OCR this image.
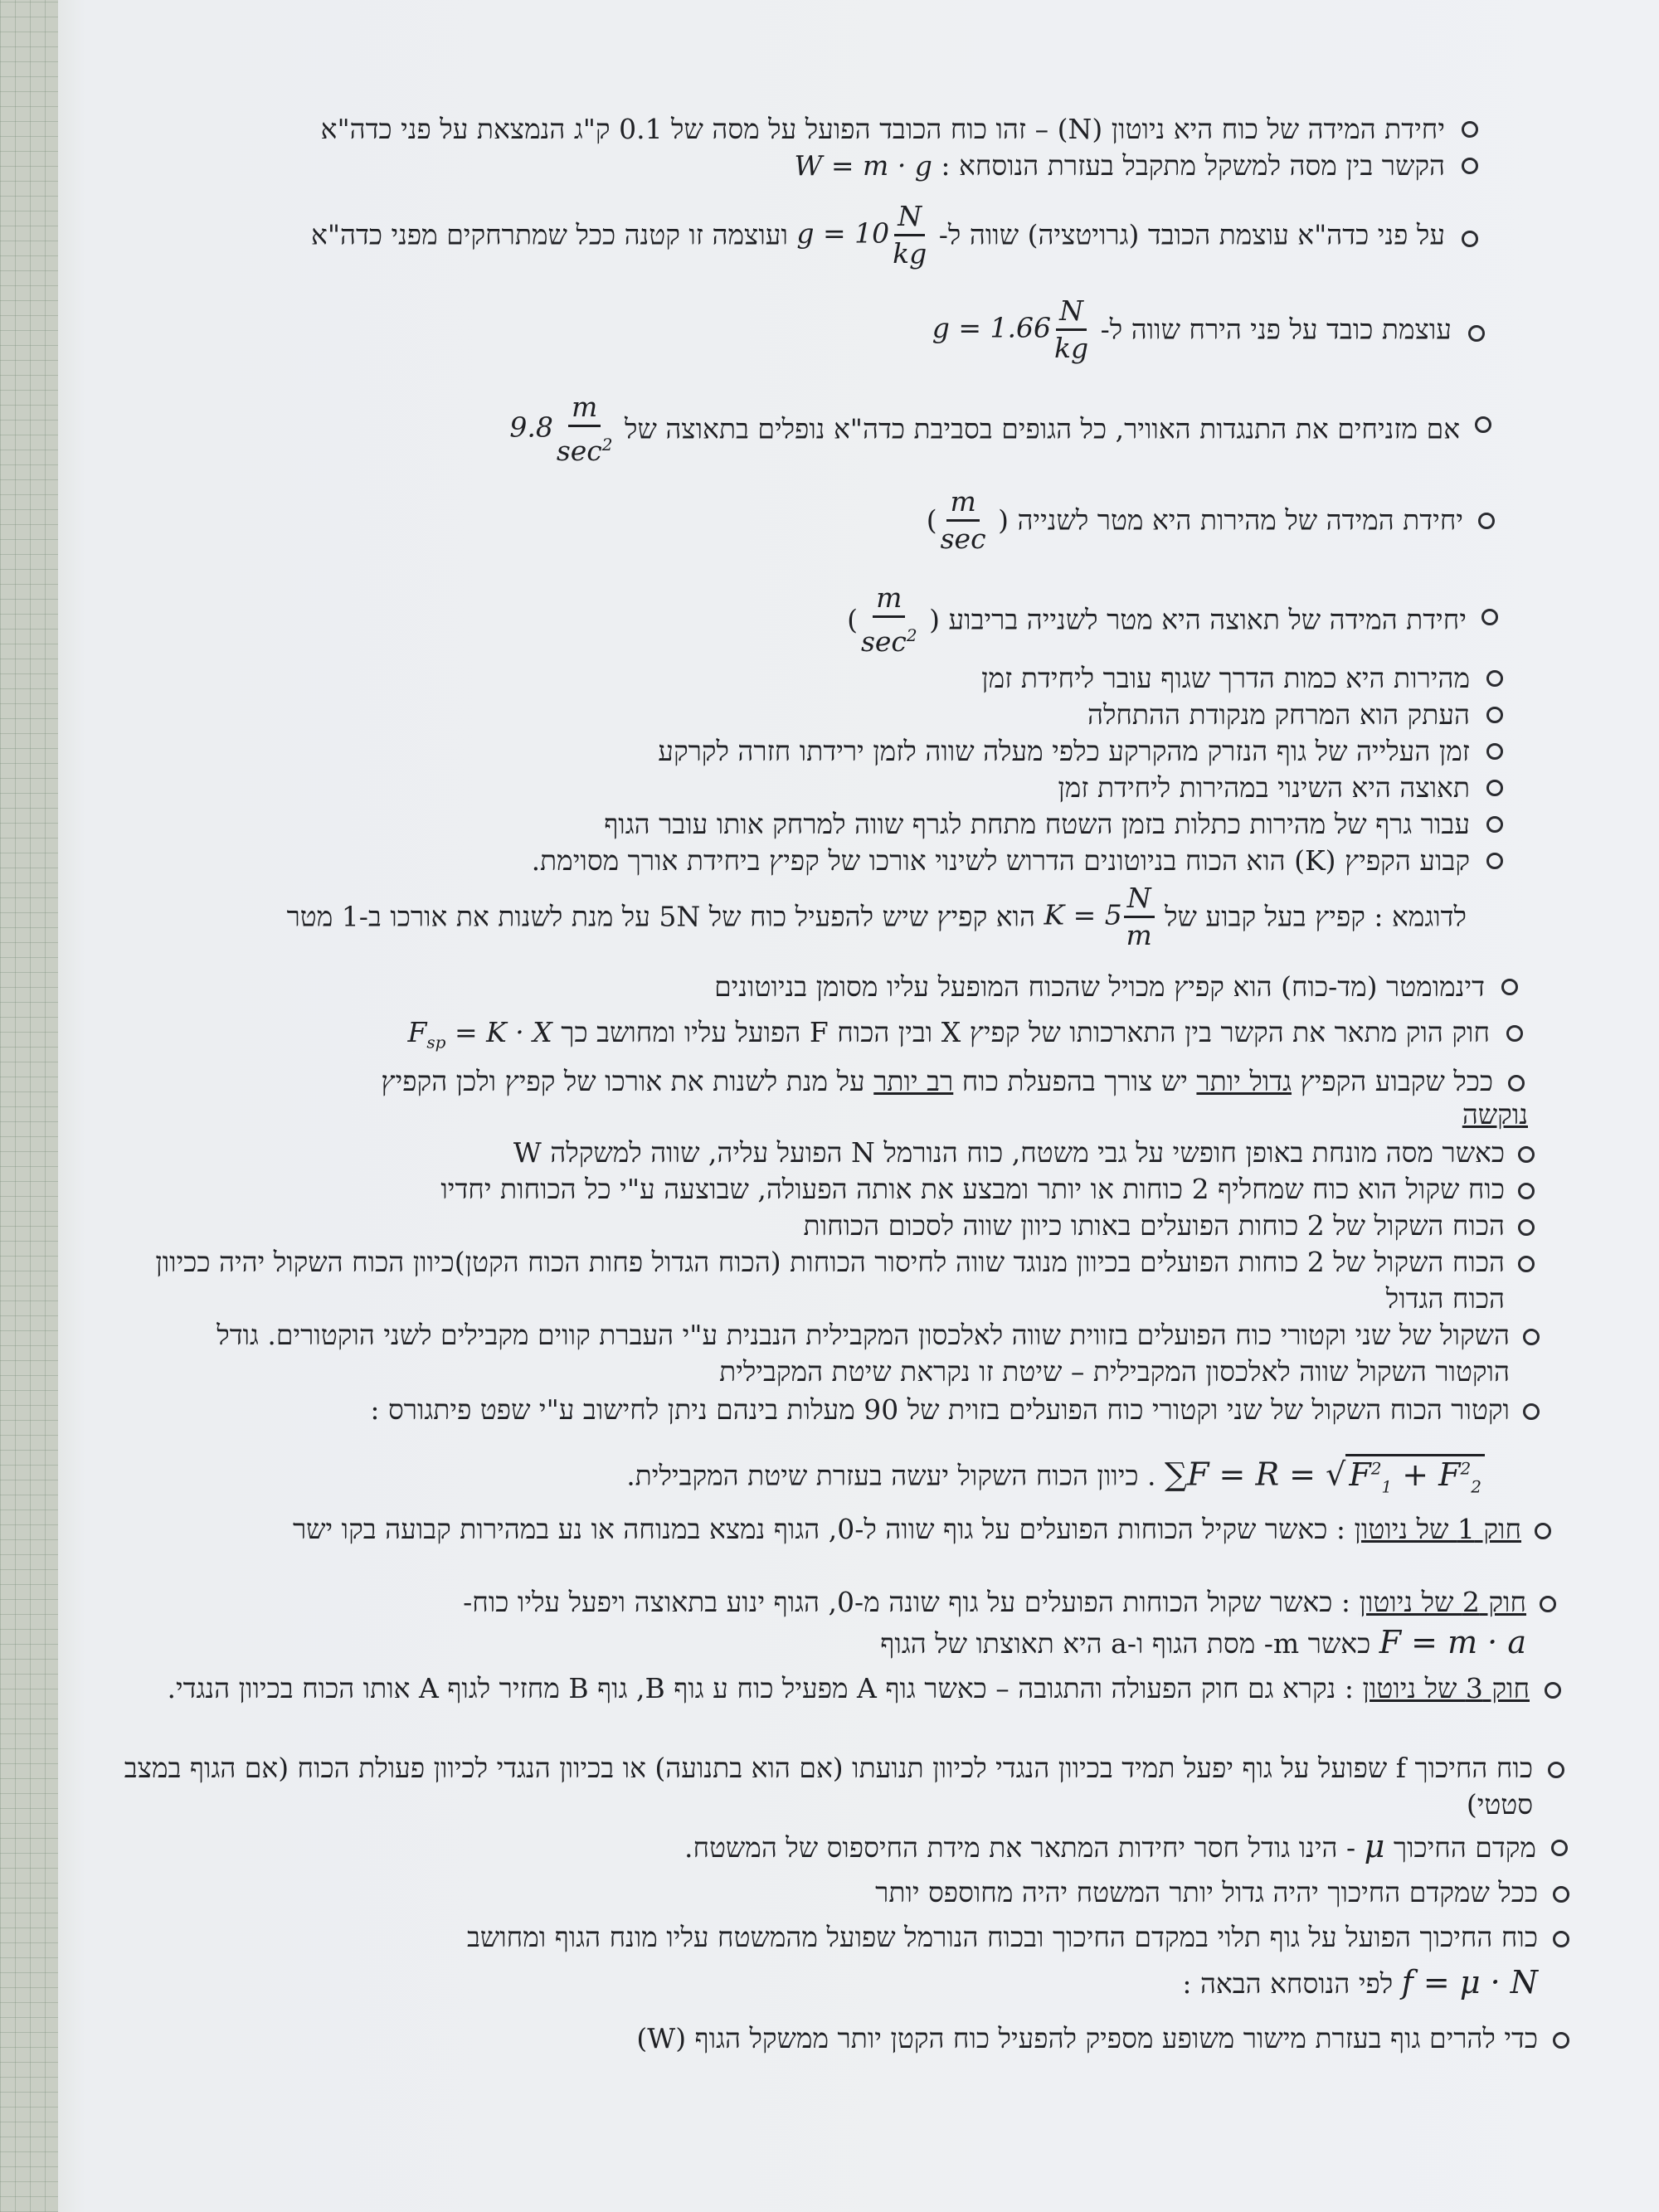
יחידת המידה של כוח היא ניוטון (N) – זהו כוח הכובד הפועל על מסה של 0.1 ק"ג הנמצאת על פני כדה"א
הקשר בין מסה למשקל מתקבל בעזרת הנוסחא : W = m · g
על פני כדה"א עוצמת הכובד (גרויטציה) שווה ל- $g = 10 \frac{N}{kg}$
ועוצמה זו קטנה ככל שמתרחקים מפני כדה"א
עוצמת כובד על פני הירח שווה ל- $g = 1.66 \frac{N}{kg}$
אם מזניחים את התנגדות האוויר, כל הגופים בסביבת כדה"א נופלים בתאוצה של $9.8 \frac{m}{\sec^2}$
יחידת המידה של מהירות היא מטר לשנייה (
$\frac{m}{\sec}$
)
יחידת המידה של תאוצה היא מטר לשנייה בריבוע (
$\frac{m}{\sec^2}$
)
מהירות היא כמות הדרך שגוף עובר ליחידת זמן
העתק הוא המרחק מנקודת ההתחלה
זמן העלייה של גוף הנזרק מהקרקע כלפי מעלה שווה לזמן ירידתו חזרה לקרקע
תאוצה היא השינוי במהירות ליחידת זמן
עבור גרף של מהירות כתלות בזמן השטח מתחת לגרף שווה למרחק אותו עובר הגוף
קבוע הקפיץ (K) הוא הכוח בניוטונים הדרוש לשינוי אורכו של קפיץ ביחידת אורך מסוימת.
לדוגמא : קפיץ בעל קבוע של $K = 5 \frac{N}{m}$
הוא קפיץ שיש להפעיל כוח של 5N על מנת לשנות את אורכו ב-1 מטר
דינמומטר (מד-כוח) הוא קפיץ מכויל שהכוח המופעל עליו מסומן בניוטונים
חוק הוק מתאר את הקשר בין התארכותו של קפיץ X ובין הכוח F הפועל עליו ומחושב כך $F_{sp} = K \cdot X$
ככל שקבוע הקפיץ גדול יותר יש צורך בהפעלת כוח רב יותר על מנת לשנות את אורכו של קפיץ ולכן הקפיץ
נוקשה
כאשר מסה מונחת באופן חופשי על גבי משטח, כוח הנורמל N הפועל עליה, שווה למשקלה W
כוח שקול הוא כוח שמחליף 2 כוחות או יותר ומבצע את אותה הפעולה, שבוצעה ע"י כל הכוחות יחדיו
הכוח השקול של 2 כוחות הפועלים באותו כיוון שווה לסכום הכוחות
הכוח השקול של 2 כוחות הפועלים בכיוון מנוגד שווה לחיסור הכוחות (הכוח הגדול פחות הכוח הקטן)כיוון הכוח השקול יהיה ככיוון הכוח הגדול
השקול של שני וקטורי כוח הפועלים בזווית שווה לאלכסון המקבילית הנבנית ע"י העברת קווים מקבילים לשני הוקטורים. גודל הוקטור השקול שווה לאלכסון המקבילית – שיטת זו נקראת שיטת המקבילית
וקטור הכוח השקול של שני וקטורי כוח הפועלים בזוית של 90 מעלות בינהם ניתן לחישוב ע"י שפט פיתגורס :
∑F = R = √ $F^2_1 + F^2_2$ . כיוון הכוח השקול יעשה בעזרת שיטת המקבילית.
חוק 1 של ניוטון : כאשר שקיל הכוחות הפועלים על גוף שווה ל-0, הגוף נמצא במנוחה או נע במהירות קבועה בקו ישר
חוק 2 של ניוטון : כאשר שקול הכוחות הפועלים על גוף שונה מ-0, הגוף ינוע בתאוצה ויפעל עליו כוח-
F = m · a כאשר m- מסת הגוף ו-a היא תאוצתו של הגוף
חוק 3 של ניוטון : נקרא גם חוק הפעולה והתגובה – כאשר גוף A מפעיל כוח ע גוף B, גוף B מחזיר לגוף A אותו הכוח בכיוון הנגדי.
כוח החיכוך f שפועל על גוף יפעל תמיד בכיוון הנגדי לכיוון תנועתו (אם הוא בתנועה) או בכיוון הנגדי לכיוון פעולת הכוח (אם הגוף במצב סטטי)
מקדם החיכוך μ - הינו גודל חסר יחידות המתאר את מידת החיספוס של המשטח.
ככל שמקדם החיכוך יהיה גדול יותר המשטח יהיה מחוספס יותר
כוח החיכוך הפועל על גוף תלוי במקדם החיכוך ובכוח הנורמל שפועל מהמשטח עליו מונח הגוף ומחושב
f = μ · N לפי הנוסחא הבאה :
כדי להרים גוף בעזרת מישור משופע מספיק להפעיל כוח הקטן יותר ממשקל הגוף (W)
